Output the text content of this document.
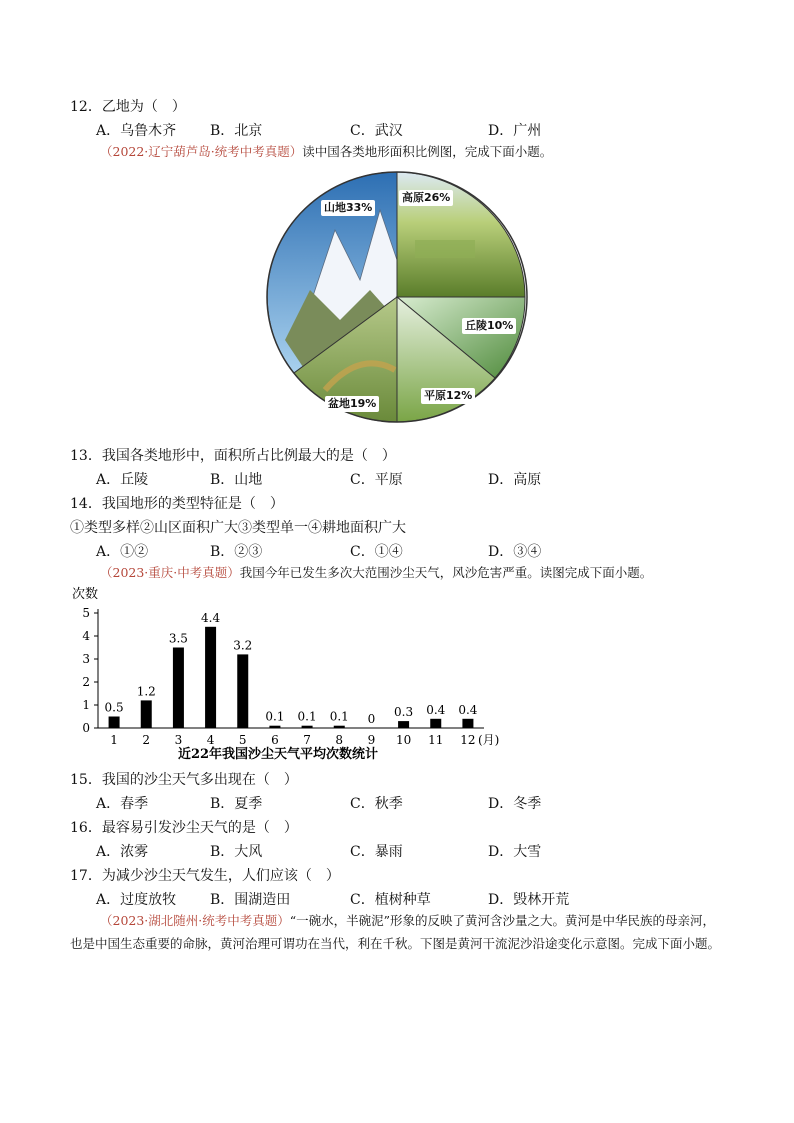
12．乙地为（　）
A．乌鲁木齐 B．北京	C．武汉	D．广州
（2022·辽宁葫芦岛·统考中考真题）读中国各类地形面积比例图，完成下面小题。
山地33%
高原26%
丘陵10%
平原12%
盆地19%
13．我国各类地形中，面积所占比例最大的是（　）
A．丘陵	B．山地	C．平原	D．高原
14．我国地形的类型特征是（　）
①类型多样②山区面积广大③类型单一④耕地面积广大
A．①②	B．②③	C．①④	D．③④
（2023·重庆·中考真题）我国今年已发生多次大范围沙尘天气，风沙危害严重。读图完成下面小题。
次数
(月)
近22年我国沙尘天气平均次数统计
0
1
2
3
4
5
0.5
1
1.2
2
3.5
3
4.4
4
3.2
5
0.1
6
0.1
7
0.1
8
0
9
0.3
10
0.4
11
0.4
12
15．我国的沙尘天气多出现在（　）
A．春季	B．夏季	C．秋季	D．冬季
16．最容易引发沙尘天气的是（　）
A．浓雾	B．大风	C．暴雨	D．大雪
17．为减少沙尘天气发生，人们应该（　）
A．过度放牧 B．围湖造田	C．植树种草	D．毁林开荒
（2023·湖北随州·统考中考真题）“一碗水，半碗泥”形象的反映了黄河含沙量之大。黄河是中华民族的母亲河，也是中国生态重要的命脉，黄河治理可谓功在当代，利在千秋。下图是黄河干流泥沙沿途变化示意图。完成下面小题。
